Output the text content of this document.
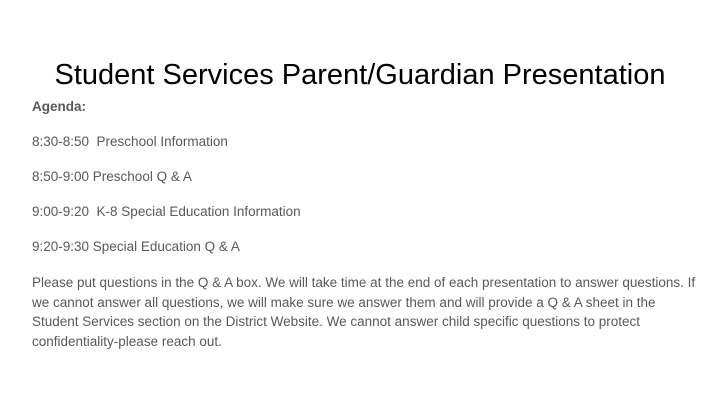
Student Services Parent/Guardian Presentation
Agenda:
8:30-8:50  Preschool Information
8:50-9:00 Preschool Q & A
9:00-9:20  K-8 Special Education Information
9:20-9:30 Special Education Q & A

Please put questions in the Q & A box. We will take time at the end of each presentation to answer questions. If we cannot answer all questions, we will make sure we answer them and will provide a Q & A sheet in the Student Services section on the District Website. We cannot answer child specific questions to protect confidentiality-please reach out.
